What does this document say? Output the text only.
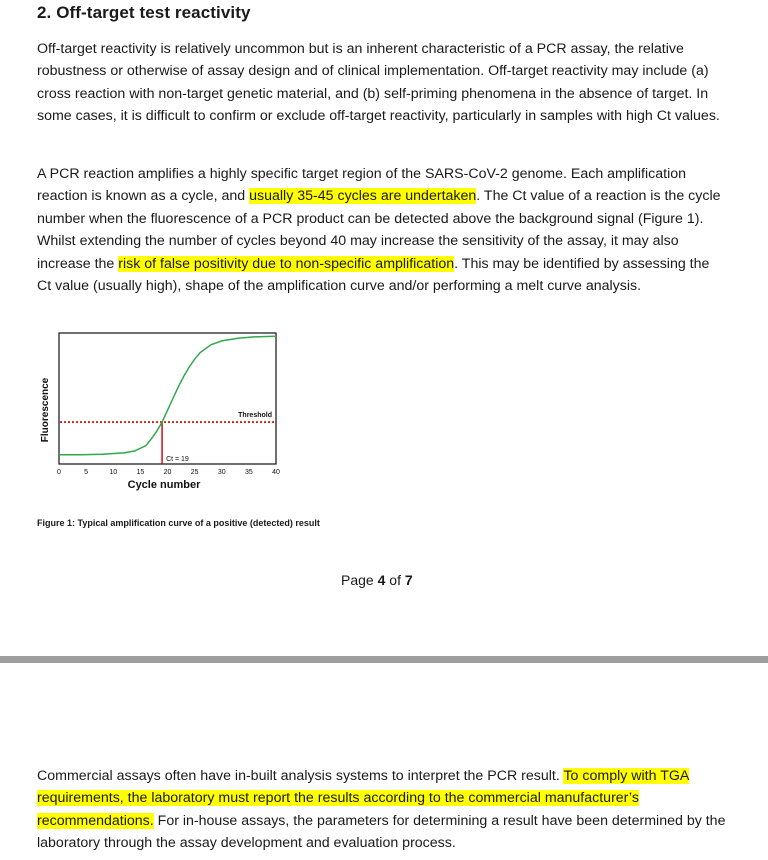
2. Off-target test reactivity

Off-target reactivity is relatively uncommon but is an inherent characteristic of a PCR assay, the relative robustness or otherwise of assay design and of clinical implementation. Off-target reactivity may include (a) cross reaction with non-target genetic material, and (b) self-priming phenomena in the absence of target. In some cases, it is difficult to confirm or exclude off-target reactivity, particularly in samples with high Ct values.

A PCR reaction amplifies a highly specific target region of the SARS-CoV-2 genome. Each amplification reaction is known as a cycle, and usually 35-45 cycles are undertaken. The Ct value of a reaction is the cycle number when the fluorescence of a PCR product can be detected above the background signal (Figure 1). Whilst extending the number of cycles beyond 40 may increase the sensitivity of the assay, it may also increase the risk of false positivity due to non-specific amplification. This may be identified by assessing the Ct value (usually high), shape of the amplification curve and/or performing a melt curve analysis.

Fluorescence
0	5	10	15	20	25	30	35	40
Threshold
Ct = 19
Cycle number

Figure 1: Typical amplification curve of a positive (detected) result

Page 4 of 7

Commercial assays often have in-built analysis systems to interpret the PCR result. To comply with TGA requirements, the laboratory must report the results according to the commercial manufacturer’s recommendations. For in-house assays, the parameters for determining a result have been determined by the laboratory through the assay development and evaluation process.
